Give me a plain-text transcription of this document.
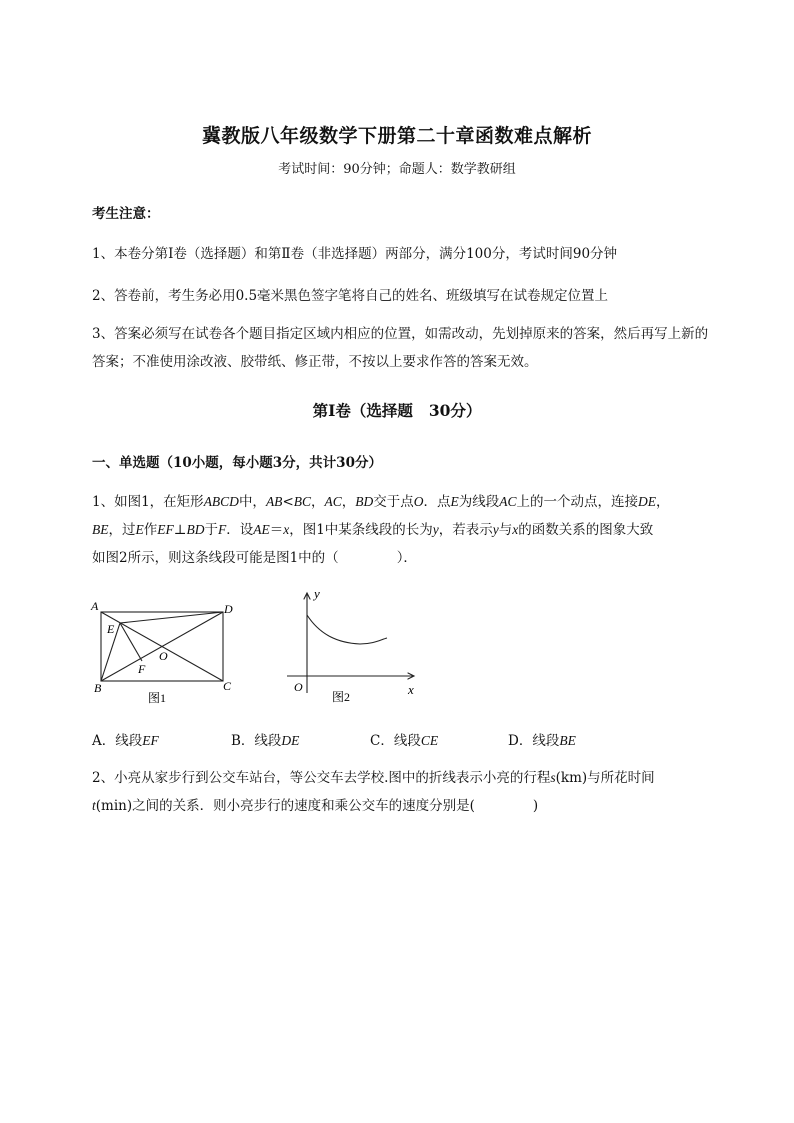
冀教版八年级数学下册第二十章函数难点解析
考试时间：90分钟；命题人：数学教研组
考生注意：
1、本卷分第I卷（选择题）和第Ⅱ卷（非选择题）两部分，满分100分，考试时间90分钟
2、答卷前，考生务必用0.5毫米黑色签字笔将自己的姓名、班级填写在试卷规定位置上
3、答案必须写在试卷各个题目指定区域内相应的位置，如需改动，先划掉原来的答案，然后再写上新的答案；不准使用涂改液、胶带纸、修正带，不按以上要求作答的答案无效。
第I卷（选择题 30分）
一、单选题（10小题，每小题3分，共计30分）
1、如图1，在矩形ABCD中，AB<BC，AC，BD交于点O．点E为线段AC上的一个动点，连接DE，
BE，过E作EF⊥BD于F．设AE＝x，图1中某条线段的长为y，若表示y与x的函数关系的图象大致
如图2所示，则这条线段可能是图1中的（	）．
A	D
B	C
E
F
O
图1
y
x
O
图2
A．线段EF	B．线段DE	C．线段CE	D．线段BE
2、小亮从家步行到公交车站台，等公交车去学校.图中的折线表示小亮的行程s(km)与所花时间
t(min)之间的关系．则小亮步行的速度和乘公交车的速度分别是(	)
